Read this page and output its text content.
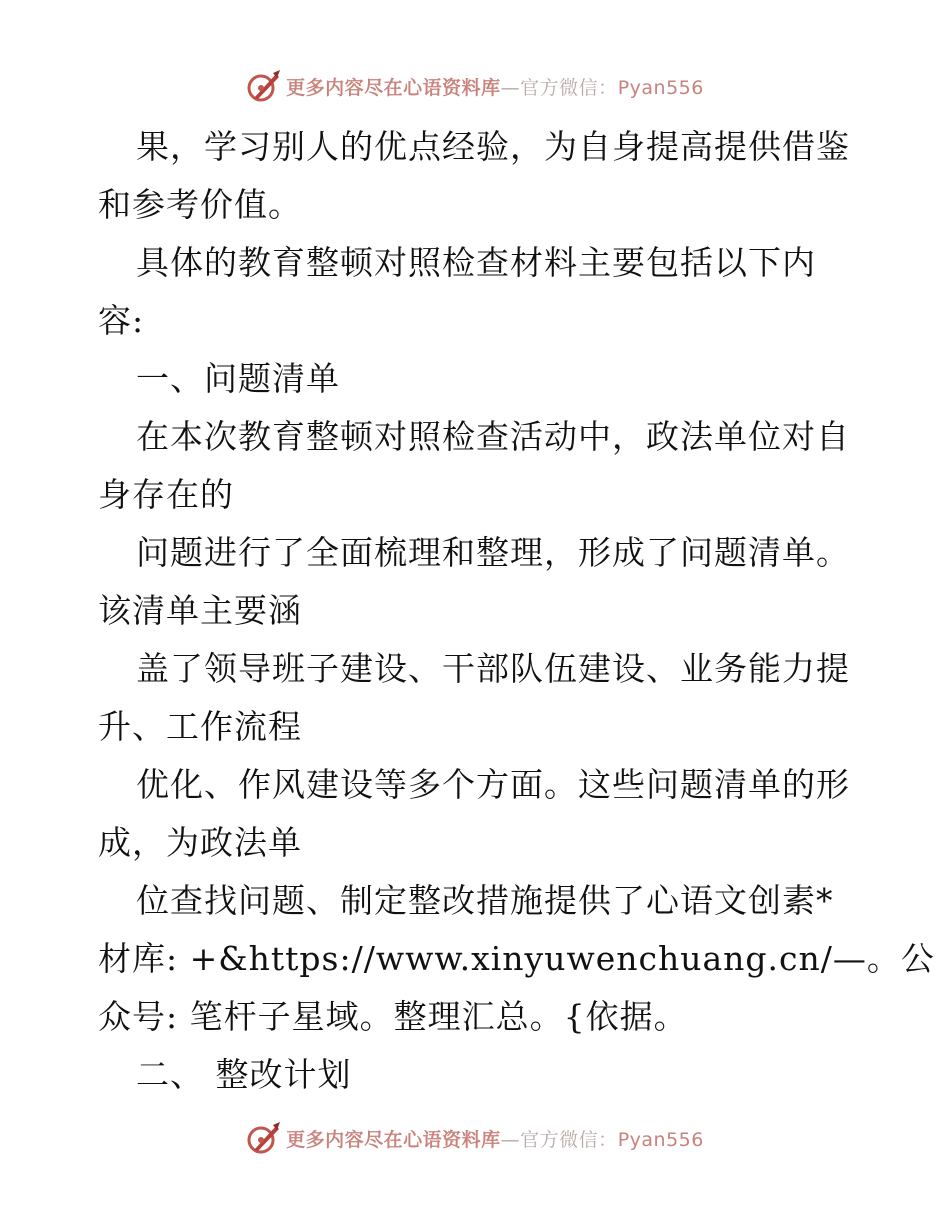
更多内容尽在心语资料库—官方微信：Pyan556
果，学习别人的优点经验，为自身提高提供借鉴
和参考价值。
具体的教育整顿对照检查材料主要包括以下内
容:
一、问题清单
在本次教育整顿对照检查活动中，政法单位对自
身存在的
问题进行了全面梳理和整理，形成了问题清单。
该清单主要涵
盖了领导班子建设、干部队伍建设、业务能力提
升、工作流程
优化、作风建设等多个方面。这些问题清单的形
成，为政法单
位查找问题、制定整改措施提供了心语文创素*
材库: +&https://www.xinyuwenchuang.cn/—。公
众号: 笔杆子星域。整理汇总。{依据。
二、 整改计划
更多内容尽在心语资料库—官方微信：Pyan556
